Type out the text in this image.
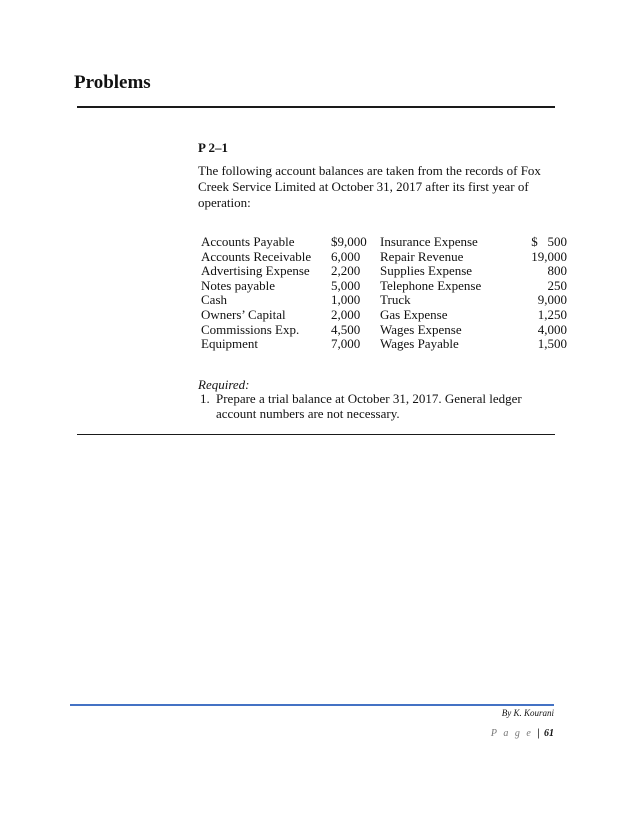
Problems
P 2–1
The following account balances are taken from the records of Fox Creek Service Limited at October 31, 2017 after its first year of operation:
Accounts Payable
Accounts Receivable
Advertising Expense
Notes payable
Cash
Owners’ Capital
Commissions Exp.
Equipment
$9,000
6,000
2,200
5,000
1,000
2,000
4,500
7,000
Insurance Expense
Repair Revenue
Supplies Expense
Telephone Expense
Truck
Gas Expense
Wages Expense
Wages Payable
$   500
19,000
800
250
9,000
1,250
4,000
1,500
Required:
1. Prepare a trial balance at October 31, 2017. General ledger account numbers are not necessary.
By K. Kourani
P a g e | 61
